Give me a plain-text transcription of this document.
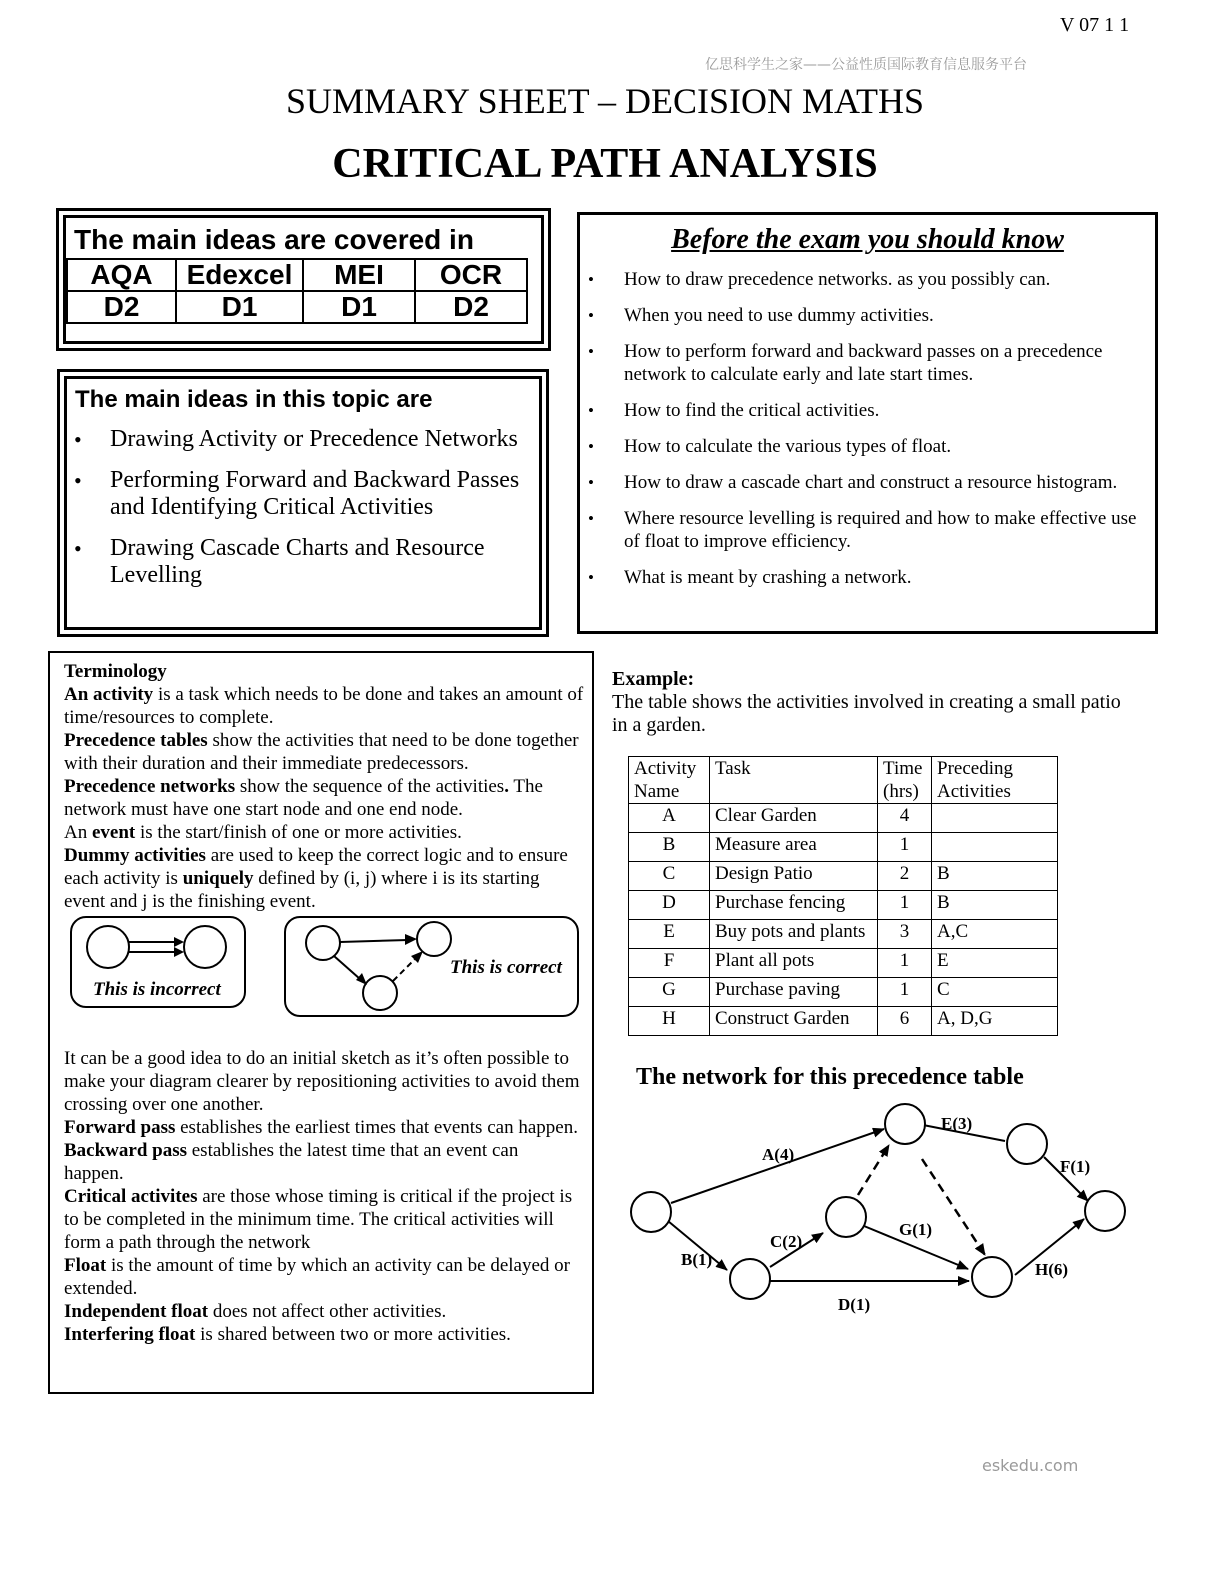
V 07 1 1
亿思科学生之家——公益性质国际教育信息服务平台
SUMMARY SHEET – DECISION MATHS
CRITICAL PATH ANALYSIS
The main ideas are covered in
AQA	Edexcel	MEI	OCR
D2	D1	D1	D2
The main ideas in this topic are
• Drawing Activity or Precedence Networks
• Performing Forward and Backward Passes and Identifying Critical Activities
• Drawing Cascade Charts and Resource Levelling
Before the exam you should know
• How to draw precedence networks. as you possibly can.
• When you need to use dummy activities.
• How to perform forward and backward passes on a precedence network to calculate early and late start times.
• How to find the critical activities.
• How to calculate the various types of float.
• How to draw a cascade chart and construct a resource histogram.
• Where resource levelling is required and how to make effective use of float to improve efficiency.
• What is meant by crashing a network.

Terminology

An activity is a task which needs to be done and takes an amount of time/resources to complete.

Precedence tables show the activities that need to be done together with their duration and their immediate predecessors.

Precedence networks show the sequence of the activities. The network must have one start node and one end node.

An event is the start/finish of one or more activities.

Dummy activities are used to keep the correct logic and to ensure each activity is uniquely defined by (i, j) where i is its starting event and j is the finishing event.

This is incorrect
This is correct

It can be a good idea to do an initial sketch as it’s often possible to make your diagram clearer by repositioning activities to avoid them crossing over one another.

Forward pass establishes the earliest times that events can happen.

Backward pass establishes the latest time that an event can happen.

Critical activites are those whose timing is critical if the project is to be completed in the minimum time. The critical activities will form a path through the network

Float is the amount of time by which an activity can be delayed or extended.

Independent float does not affect other activities.

Interfering float is shared between two or more activities.

Example:
The table shows the activities involved in creating a small patio in a garden.
Activity Name	Task	Time (hrs)	Preceding Activities
A	Clear Garden	4	
B	Measure area	1	
C	Design Patio	2	B
D	Purchase fencing	1	B
E	Buy pots and plants	3	A,C
F	Plant all pots	1	E
G	Purchase paving	1	C
H	Construct Garden	6	A, D,G
The network for this precedence table
A(4)
B(1)
C(2)
D(1)
E(3)
F(1)
G(1)
H(6)
eskedu.com
